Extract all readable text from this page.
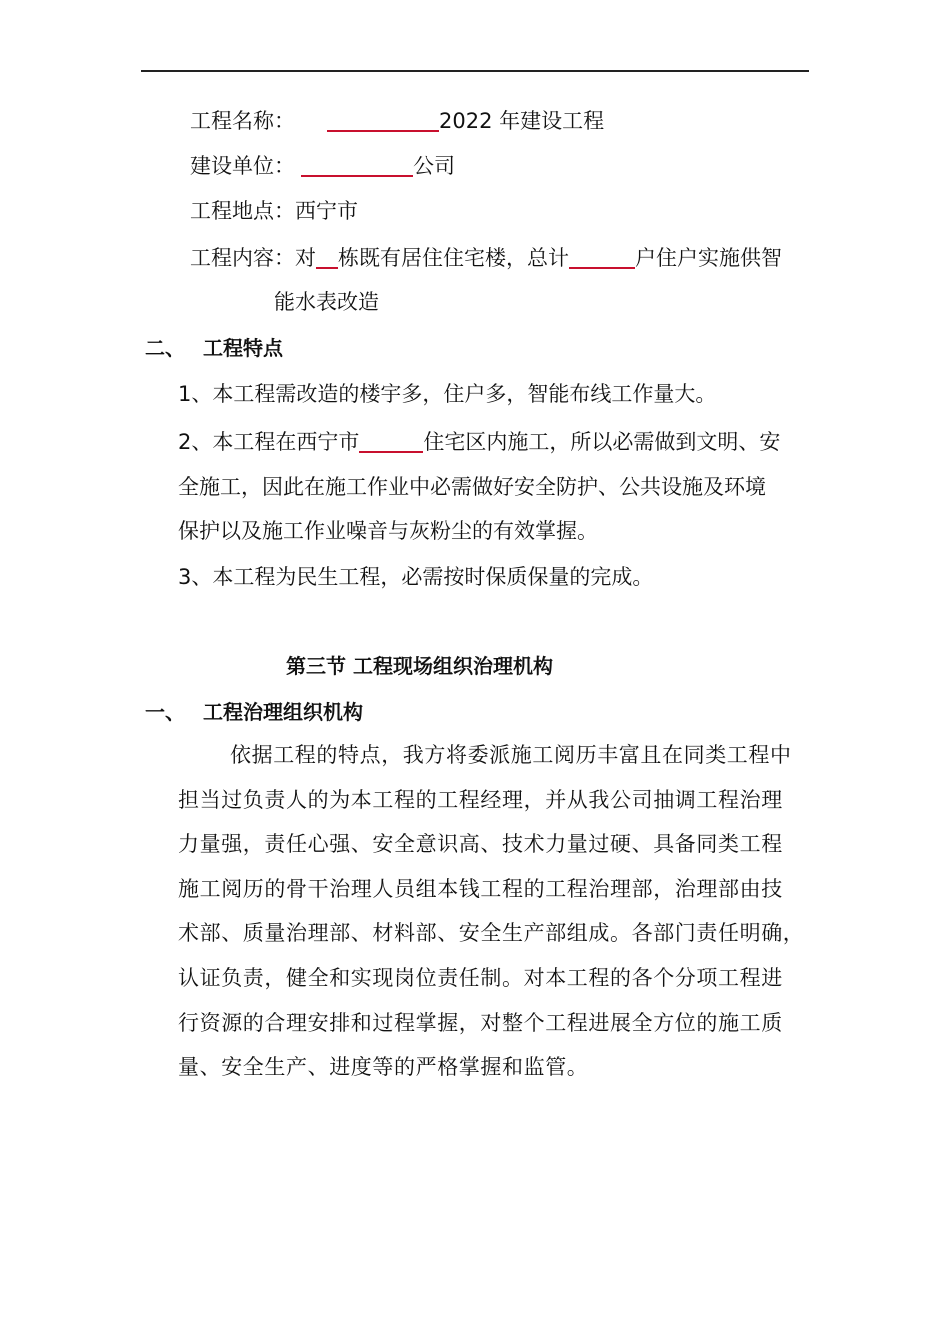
工程名称：	2022 年建设工程
建设单位：	公司
工程地点：西宁市
工程内容：对 栋既有居住住宅楼，总计	户住户实施供智
能水表改造
二、 工程特点
1、本工程需改造的楼宇多，住户多，智能布线工作量大。
2、本工程在西宁市	住宅区内施工，所以必需做到文明、安
全施工，因此在施工作业中必需做好安全防护、公共设施及环境
保护以及施工作业噪音与灰粉尘的有效掌握。
3、本工程为民生工程，必需按时保质保量的完成。
第三节 工程现场组织治理机构
一、 工程治理组织机构

依据工程的特点，我方将委派施工阅历丰富且在同类工程中

担当过负责人的为本工程的工程经理，并从我公司抽调工程治理

力量强，责任心强、安全意识高、技术力量过硬、具备同类工程

施工阅历的骨干治理人员组本钱工程的工程治理部，治理部由技

术部、质量治理部、材料部、安全生产部组成。各部门责任明确，

认证负责，健全和实现岗位责任制。对本工程的各个分项工程进

行资源的合理安排和过程掌握，对整个工程进展全方位的施工质

量、安全生产、进度等的严格掌握和监管。
